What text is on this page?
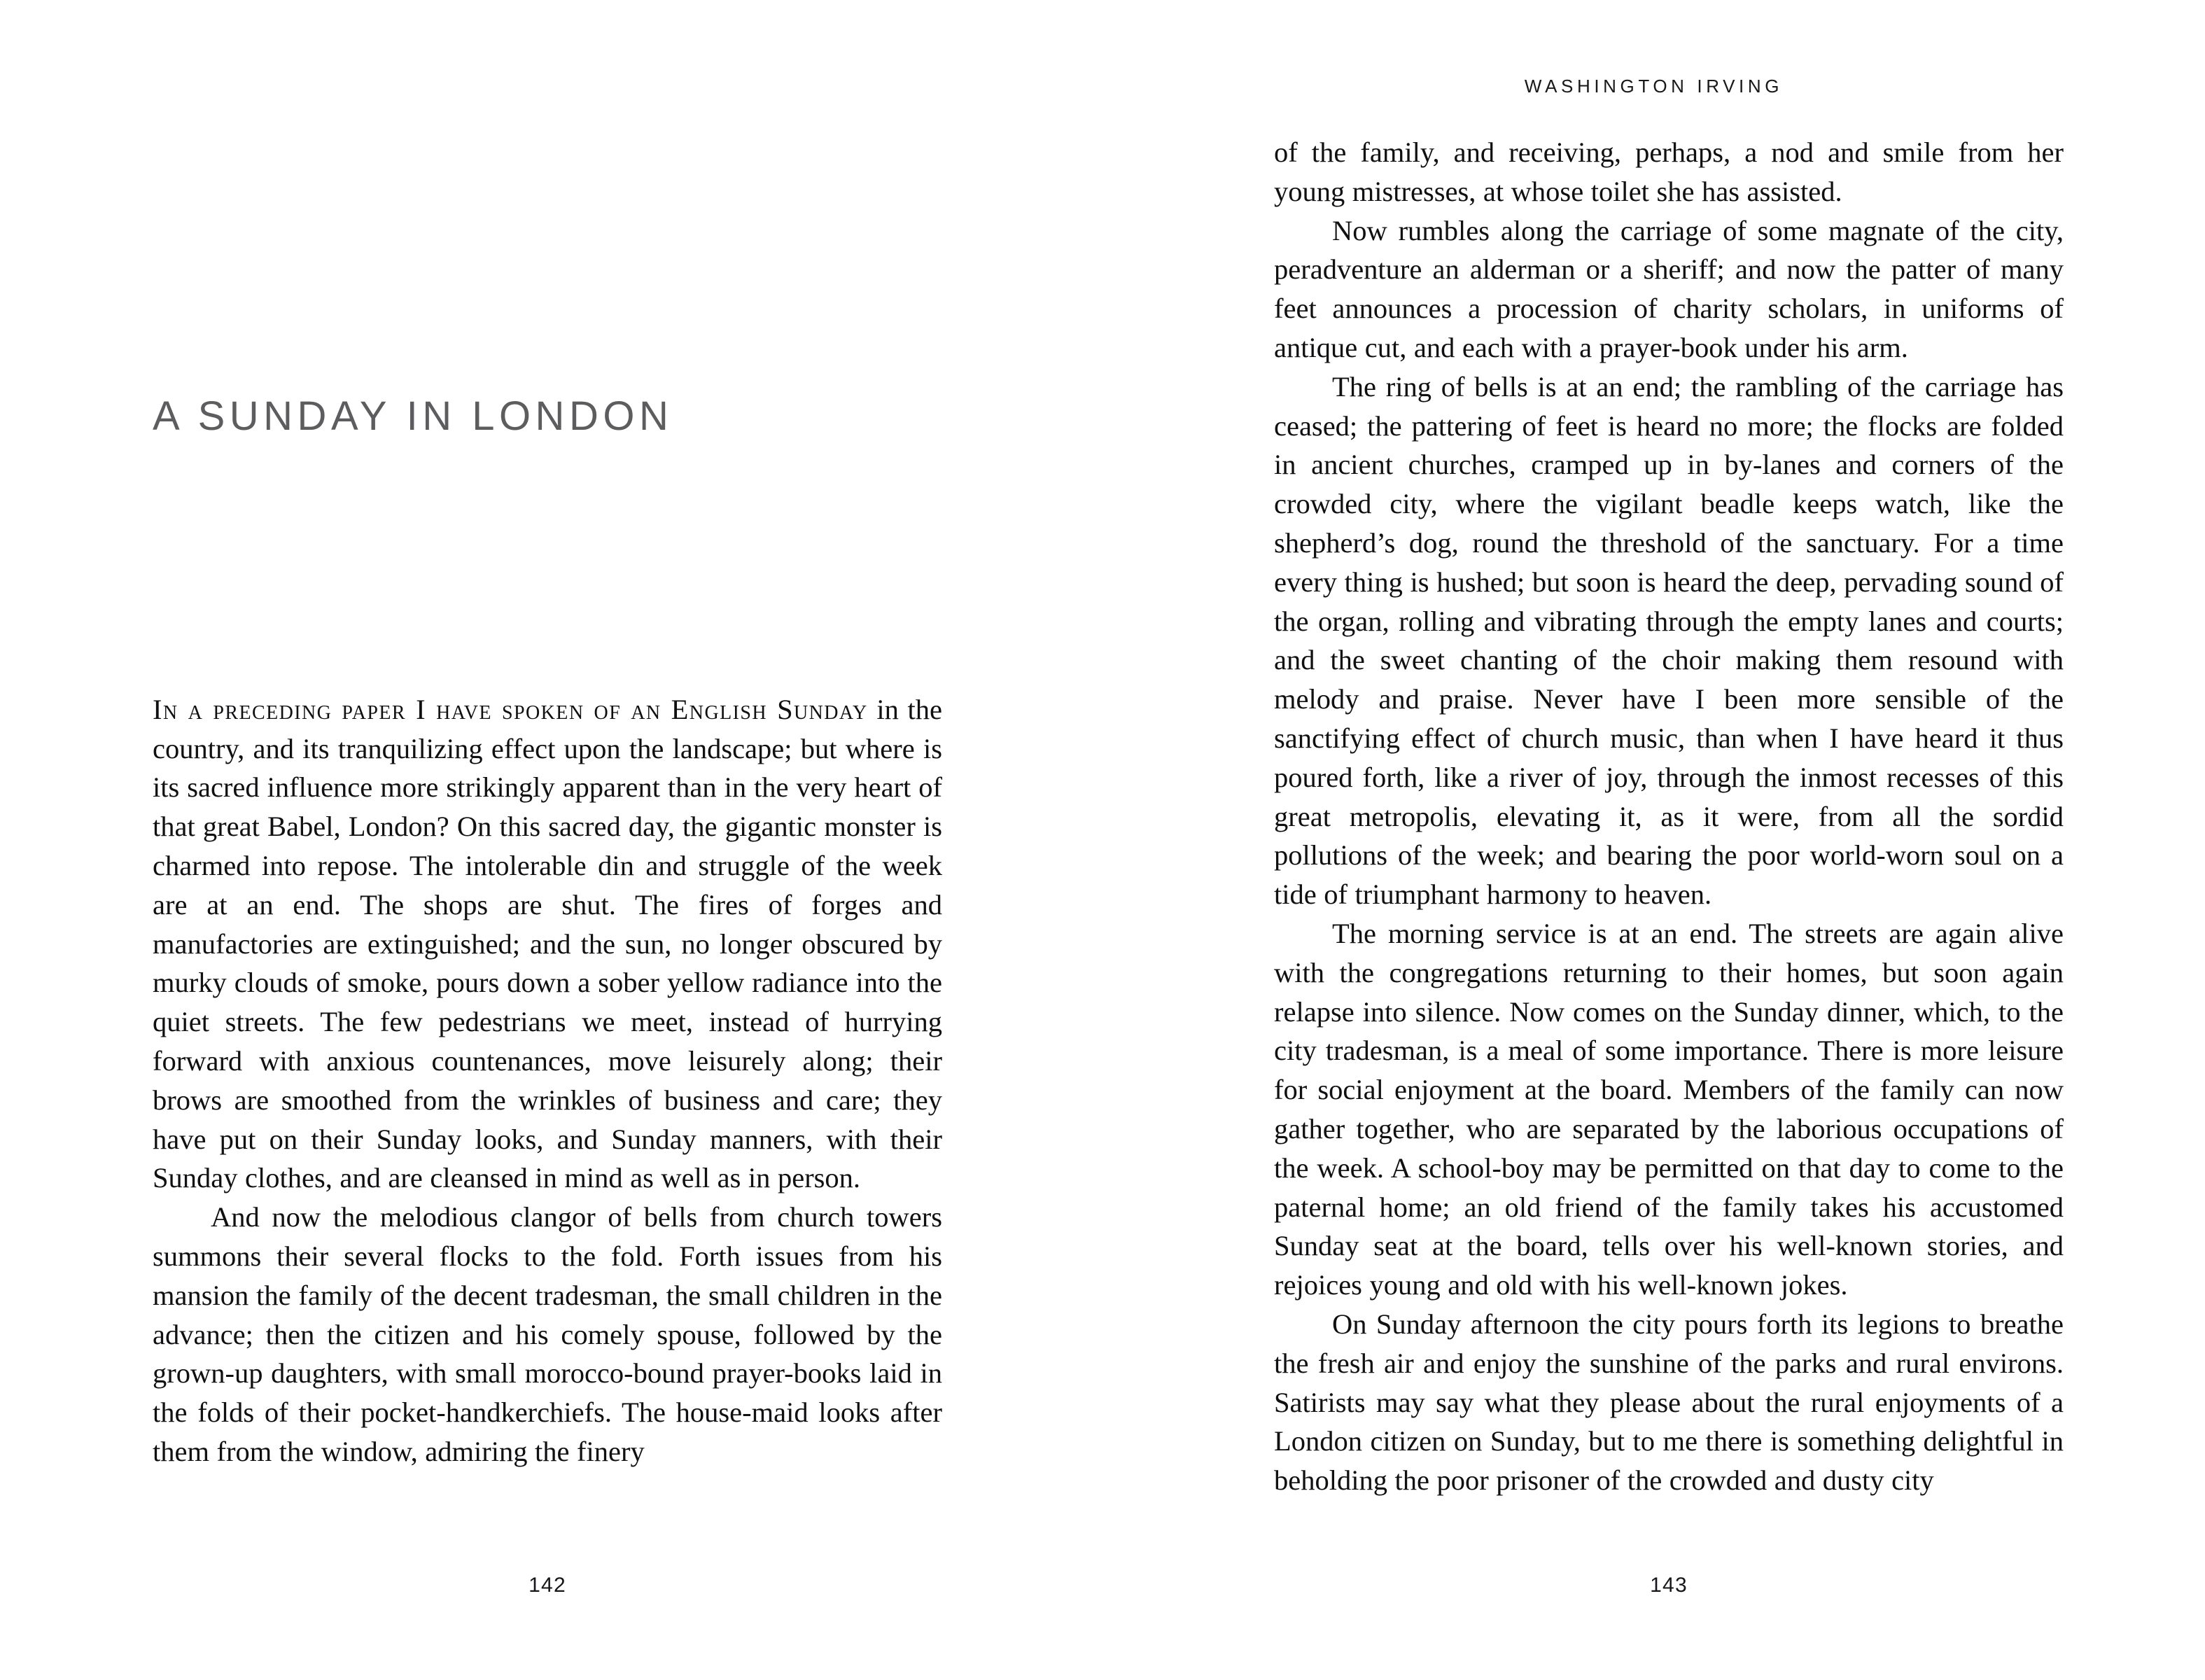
A SUNDAY IN LONDON

In a preceding paper I have spoken of an English Sunday in the country, and its tranquilizing effect upon the landscape; but where is its sacred influence more strikingly apparent than in the very heart of that great Babel, London? On this sacred day, the gigantic monster is charmed into repose. The intolerable din and struggle of the week are at an end. The shops are shut. The fires of forges and manufactories are extinguished; and the sun, no longer obscured by murky clouds of smoke, pours down a sober yellow radiance into the quiet streets. The few pedestrians we meet, instead of hurrying forward with anxious countenances, move leisurely along; their brows are smoothed from the wrinkles of business and care; they have put on their Sunday looks, and Sunday manners, with their Sunday clothes, and are cleansed in mind as well as in person.

And now the melodious clangor of bells from church towers summons their several flocks to the fold. Forth issues from his mansion the family of the decent tradesman, the small children in the advance; then the citizen and his comely spouse, followed by the grown-up daughters, with small morocco-bound prayer-books laid in the folds of their pocket-handkerchiefs. The house-maid looks after them from the window, admiring the finery

142
WASHINGTON IRVING

of the family, and receiving, perhaps, a nod and smile from her young mistresses, at whose toilet she has assisted.

Now rumbles along the carriage of some magnate of the city, peradventure an alderman or a sheriff; and now the patter of many feet announces a procession of charity scholars, in uniforms of antique cut, and each with a prayer-book under his arm.

The ring of bells is at an end; the rambling of the carriage has ceased; the pattering of feet is heard no more; the flocks are folded in ancient churches, cramped up in by-lanes and corners of the crowded city, where the vigilant beadle keeps watch, like the shepherd’s dog, round the threshold of the sanctuary. For a time every thing is hushed; but soon is heard the deep, pervading sound of the organ, rolling and vibrating through the empty lanes and courts; and the sweet chanting of the choir making them resound with melody and praise. Never have I been more sensible of the sanctifying effect of church music, than when I have heard it thus poured forth, like a river of joy, through the inmost recesses of this great metropolis, elevating it, as it were, from all the sordid pollutions of the week; and bearing the poor world-worn soul on a tide of triumphant harmony to heaven.

The morning service is at an end. The streets are again alive with the congregations returning to their homes, but soon again relapse into silence. Now comes on the Sunday dinner, which, to the city tradesman, is a meal of some importance. There is more leisure for social enjoyment at the board. Members of the family can now gather together, who are separated by the laborious occupations of the week. A school-boy may be permitted on that day to come to the paternal home; an old friend of the family takes his accustomed Sunday seat at the board, tells over his well-known stories, and rejoices young and old with his well-known jokes.

On Sunday afternoon the city pours forth its legions to breathe the fresh air and enjoy the sunshine of the parks and rural environs. Satirists may say what they please about the rural enjoyments of a London citizen on Sunday, but to me there is something delightful in beholding the poor prisoner of the crowded and dusty city

143
